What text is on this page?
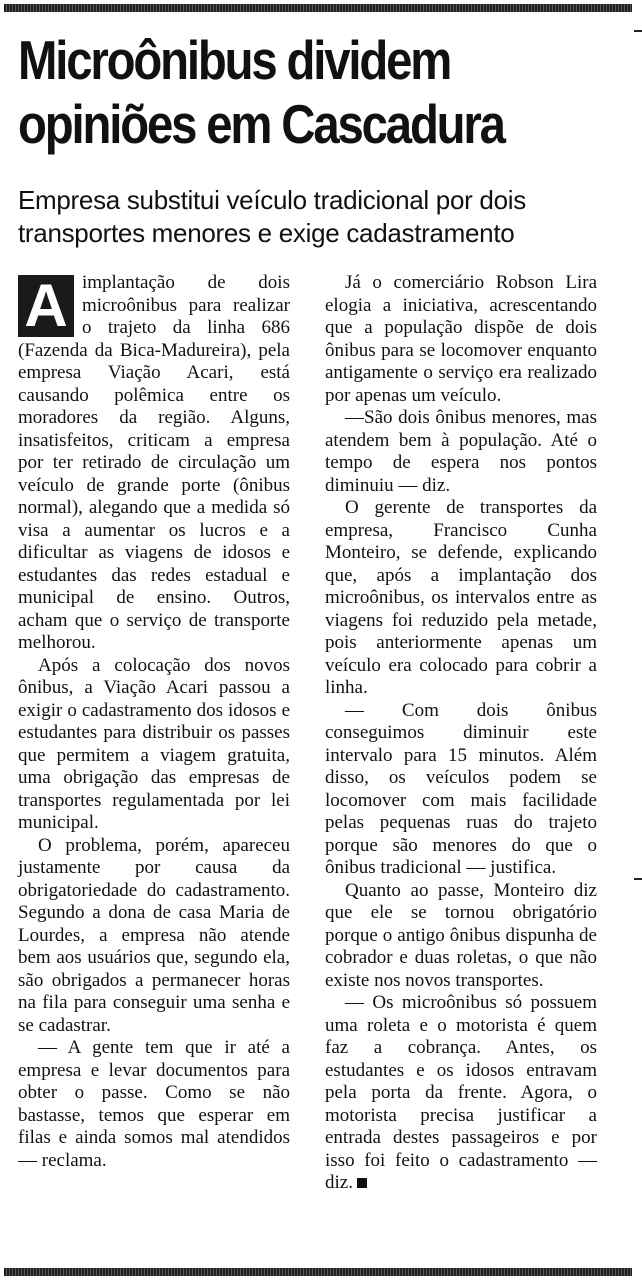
Microônibus dividem
opiniões em Cascadura

Empresa substitui veículo tradicional por dois transportes menores e exige cadastramento

A implantação de dois microônibus para realizar o trajeto da linha 686 (Fazenda da Bica-Madureira), pela empresa Viação Acari, está causando polêmica entre os moradores da região. Alguns, insatisfeitos, criticam a empresa por ter retirado de circulação um veículo de grande porte (ônibus normal), alegando que a medida só visa a aumentar os lucros e a dificultar as viagens de idosos e estudantes das redes estadual e municipal de ensino. Outros, acham que o serviço de transporte melhorou.

Após a colocação dos novos ônibus, a Viação Acari passou a exigir o cadastramento dos idosos e estudantes para distribuir os passes que permitem a viagem gratuita, uma obrigação das empresas de transportes regulamentada por lei municipal.

O problema, porém, apareceu justamente por causa da obrigatoriedade do cadastramento. Segundo a dona de casa Maria de Lourdes, a empresa não atende bem aos usuários que, segundo ela, são obrigados a permanecer horas na fila para conseguir uma senha e se cadastrar.

— A gente tem que ir até a empresa e levar documentos para obter o passe. Como se não bastasse, temos que esperar em filas e ainda somos mal atendidos — reclama.

Já o comerciário Robson Lira elogia a iniciativa, acrescentando que a população dispõe de dois ônibus para se locomover enquanto antigamente o serviço era realizado por apenas um veículo.

—São dois ônibus menores, mas atendem bem à população. Até o tempo de espera nos pontos diminuiu — diz.

O gerente de transportes da empresa, Francisco Cunha Monteiro, se defende, explicando que, após a implantação dos microônibus, os intervalos entre as viagens foi reduzido pela metade, pois anteriormente apenas um veículo era colocado para cobrir a linha.

— Com dois ônibus conseguimos diminuir este intervalo para 15 minutos. Além disso, os veículos podem se locomover com mais facilidade pelas pequenas ruas do trajeto porque são menores do que o ônibus tradicional — justifica.

Quanto ao passe, Monteiro diz que ele se tornou obrigatório porque o antigo ônibus dispunha de cobrador e duas roletas, o que não existe nos novos transportes.

— Os microônibus só possuem uma roleta e o motorista é quem faz a cobrança. Antes, os estudantes e os idosos entravam pela porta da frente. Agora, o motorista precisa justificar a entrada destes passageiros e por isso foi feito o cadastramento — diz.
